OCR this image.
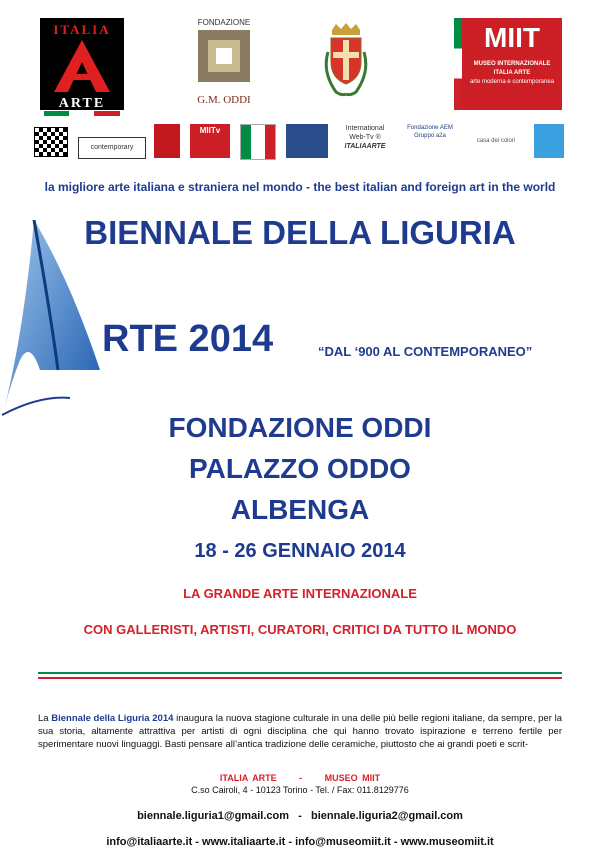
ITALIA
ARTE
FONDAZIONE
G.M. ODDI
MIIT
MUSEO INTERNAZIONALE
ITALIA ARTE
arte moderna e contemporanea
contemporary
MIITv	International Web-Tv ®
ITALIAARTE
Fondazione AEM
Gruppo a2a
casa dei colori
la migliore arte italiana e straniera nel mondo - the best italian and foreign art in the world
BIENNALE DELLA LIGURIA
RTE 2014	“DAL ‘900 AL CONTEMPORANEO”
FONDAZIONE ODDI
PALAZZO ODDO
ALBENGA
18 - 26 GENNAIO 2014
LA GRANDE ARTE INTERNAZIONALE
CON GALLERISTI, ARTISTI, CURATORI, CRITICI DA TUTTO IL MONDO
La Biennale della Liguria 2014 inaugura la nuova stagione culturale in una delle più belle regioni italiane, da sempre, per la sua storia, altamente attrattiva per artisti di ogni disciplina che qui hanno trovato ispirazione e terreno fertile per sperimentare nuovi linguaggi. Basti pensare all’antica tradizione delle ceramiche, piuttosto che ai grandi poeti e scrit-
ITALIA ARTE     -     MUSEO MIIT
C.so Cairoli, 4 - 10123 Torino - Tel. / Fax: 011.8129776
biennale.liguria1@gmail.com   -   biennale.liguria2@gmail.com
info@italiaarte.it - www.italiaarte.it - info@museomiit.it - www.museomiit.it
